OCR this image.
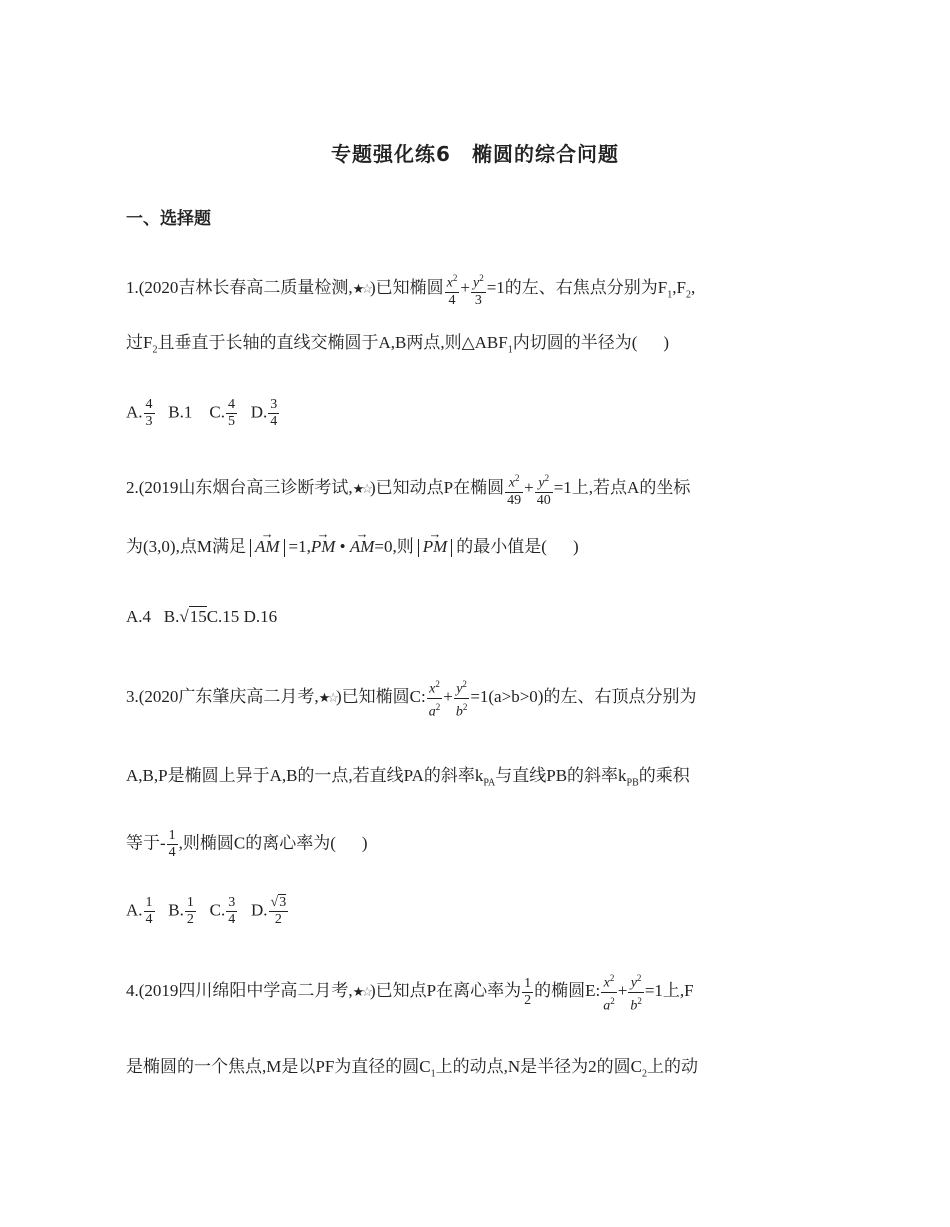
专题强化练6　椭圆的综合问题
一、选择题
1.(2020吉林长春高二质量检测,★☆)已知椭圆 $\frac{x^2}{4} + \frac{y^2}{3} =1$的左、右焦点分别为$F_1,F_2$,
过$F_2$且垂直于长轴的直线交椭圆于A,B两点,则$\triangle ABF_1$内切圆的半径为( )
A. $\frac{4}{3} B.1$ C. $\frac{4}{5} D$. $\frac{3}{4}$
2.(2019山东烟台高三诊断考试,★☆)已知动点P在椭圆 $\frac{x^2}{49} + \frac{y^2}{40} =1$上,若点A的坐标
为(3,0),点M满足 → AM =1,→ PM • → AM=0,则 → PM 的最小值是( )
A.4 B.√15C.15 D.16
3.(2020广东肇庆高二月考,★☆)已知椭圆C: $\frac{x^2}{a^2} + \frac{y^2}{b^2} =1(a>b>0)$的左、右顶点分别为
A,B,P是椭圆上异于A,B的一点,若直线PA的斜率$k_{PA}$与直线PB的斜率$k_{PB}$的乘积
等于- $\frac{1}{4}$ ,则椭圆C的离心率为( )
A. $\frac{1}{4} B$. $\frac{1}{2} C$. $\frac{3}{4} D$. $\frac{√3}{2}$
4.(2019四川绵阳中学高二月考,★☆)已知点P在离心率为 $\frac{1}{2}$ 的椭圆E: $\frac{x^2}{a^2} + \frac{y^2}{b^2} =1$上,F
是椭圆的一个焦点,M是以PF为直径的圆$C_1$上的动点,N是半径为2的圆$C_2$上的动
